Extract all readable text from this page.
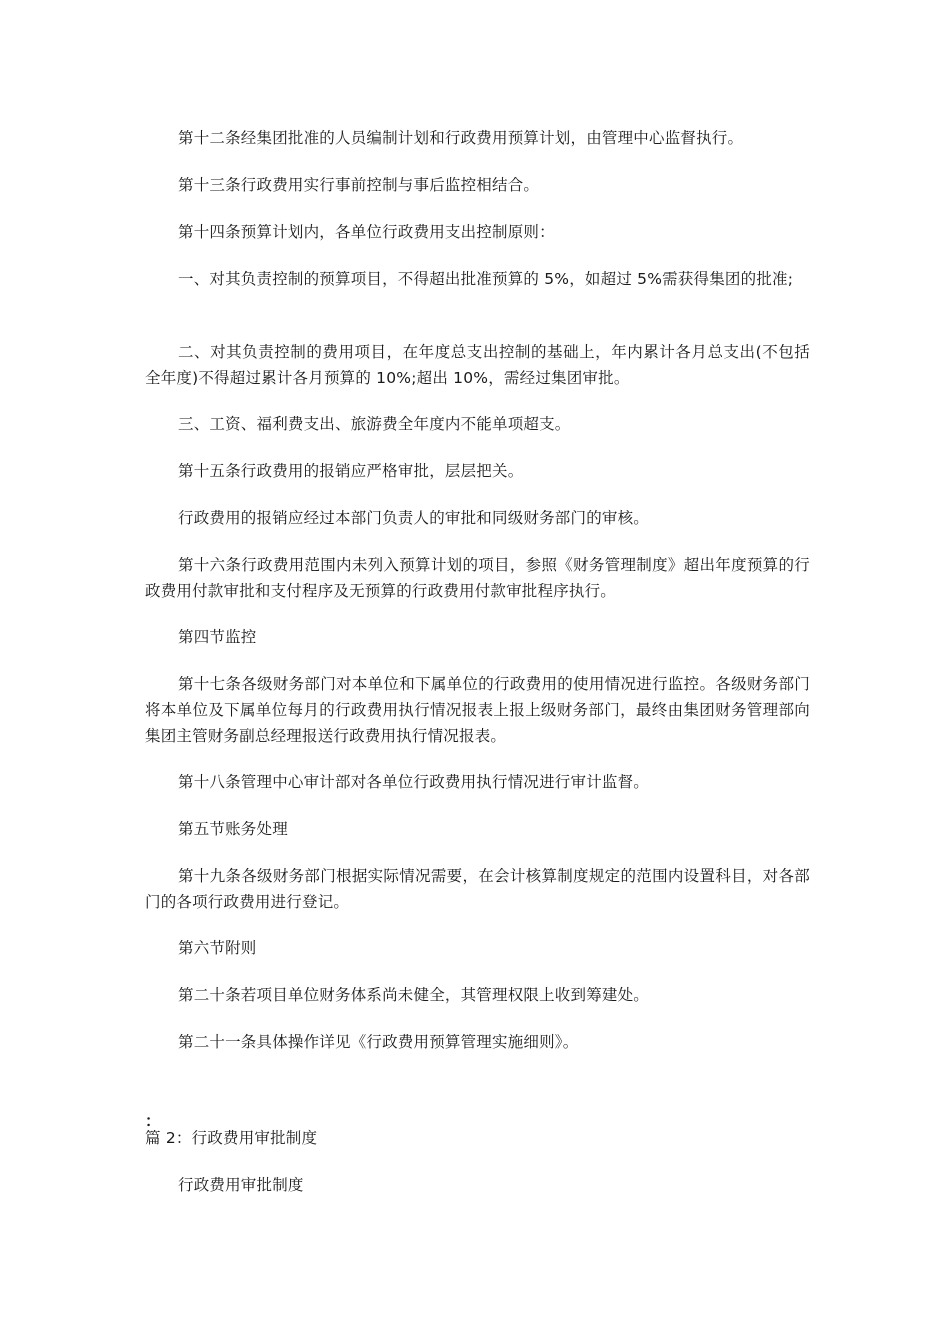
第十二条经集团批准的人员编制计划和行政费用预算计划，由管理中心监督执行。

第十三条行政费用实行事前控制与事后监控相结合。

第十四条预算计划内，各单位行政费用支出控制原则：

一、对其负责控制的预算项目，不得超出批准预算的 5%，如超过 5%需获得集团的批准;

二、对其负责控制的费用项目，在年度总支出控制的基础上，年内累计各月总支出(不包括全年度)不得超过累计各月预算的 10%;超出 10%，需经过集团审批。

三、工资、福利费支出、旅游费全年度内不能单项超支。

第十五条行政费用的报销应严格审批，层层把关。

行政费用的报销应经过本部门负责人的审批和同级财务部门的审核。

第十六条行政费用范围内未列入预算计划的项目，参照《财务管理制度》超出年度预算的行政费用付款审批和支付程序及无预算的行政费用付款审批程序执行。

第四节监控

第十七条各级财务部门对本单位和下属单位的行政费用的使用情况进行监控。各级财务部门将本单位及下属单位每月的行政费用执行情况报表上报上级财务部门，最终由集团财务管理部向集团主管财务副总经理报送行政费用执行情况报表。

第十八条管理中心审计部对各单位行政费用执行情况进行审计监督。

第五节账务处理

第十九条各级财务部门根据实际情况需要，在会计核算制度规定的范围内设置科目，对各部门的各项行政费用进行登记。

第六节附则

第二十条若项目单位财务体系尚未健全，其管理权限上收到筹建处。

第二十一条具体操作详见《行政费用预算管理实施细则》。

：

篇 2：行政费用审批制度

行政费用审批制度
